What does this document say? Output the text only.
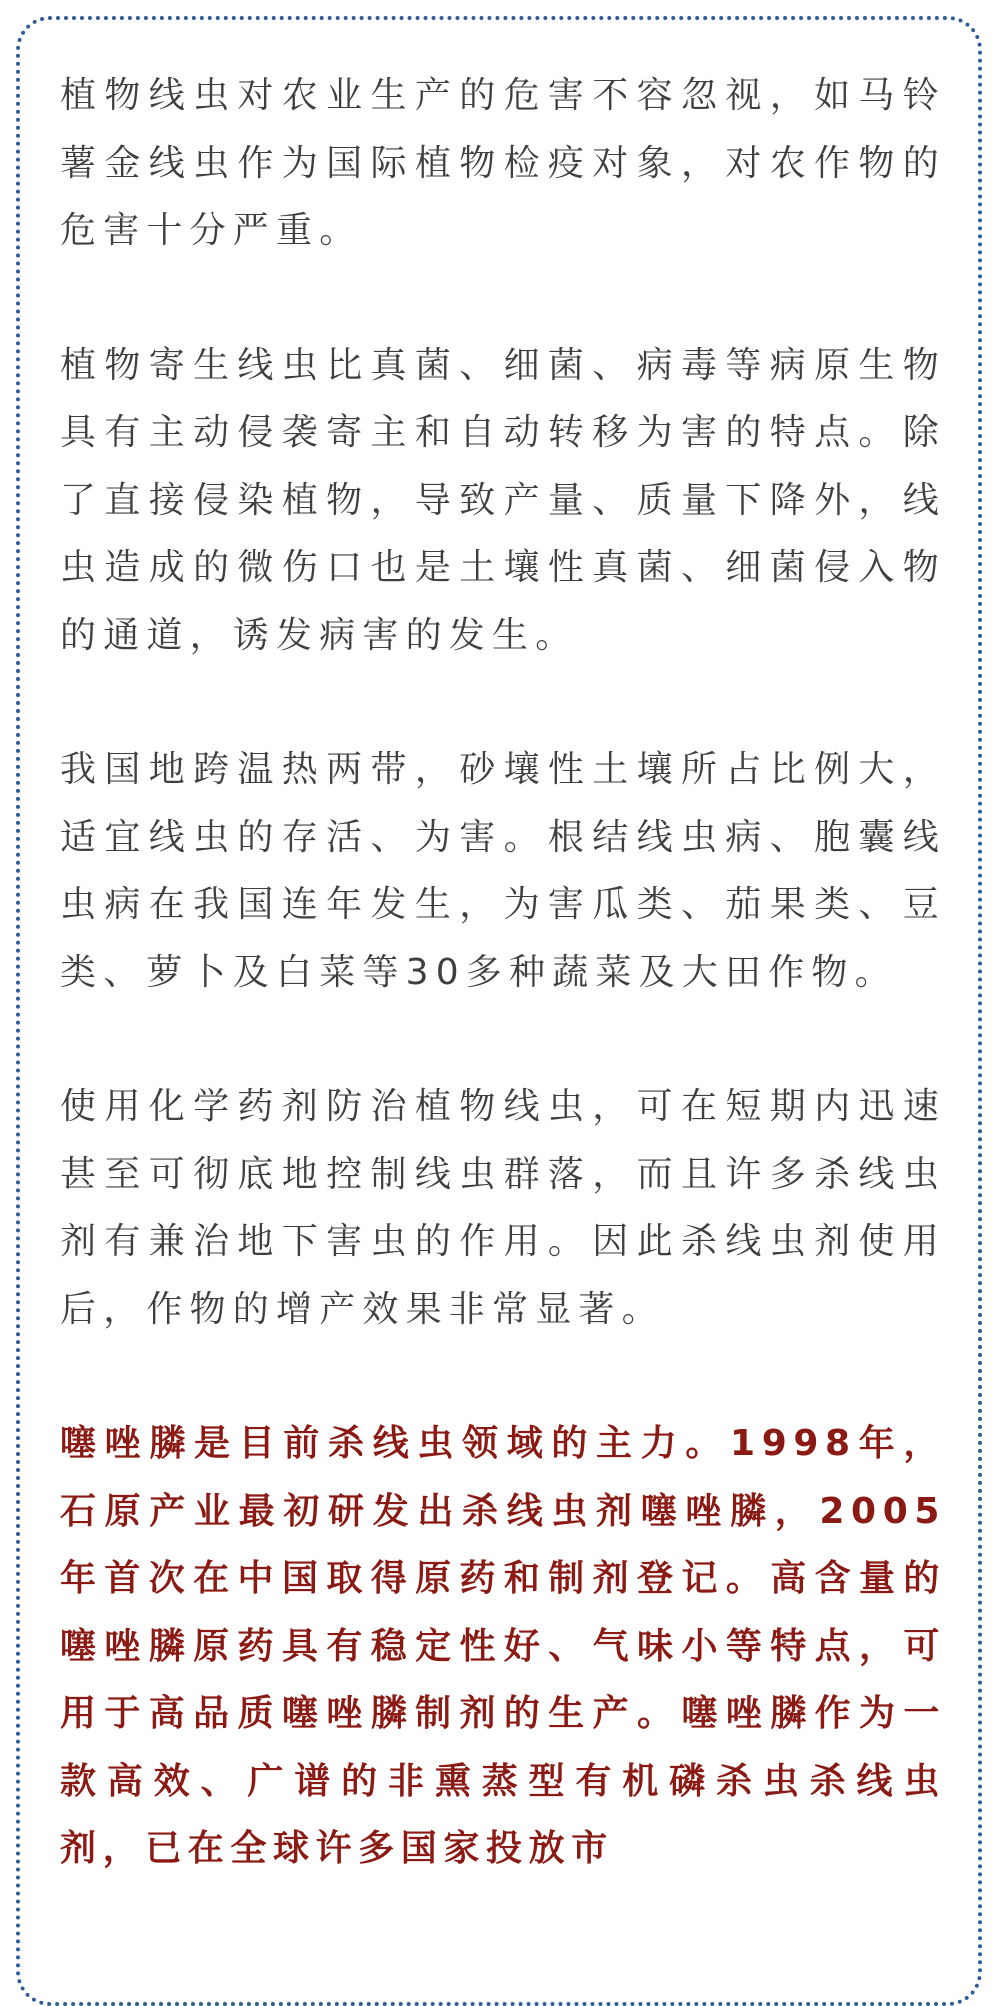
植物线虫对农业生产的危害不容忽视，如马铃薯金线虫作为国际植物检疫对象，对农作物的危害十分严重。

植物寄生线虫比真菌、细菌、病毒等病原生物具有主动侵袭寄主和自动转移为害的特点。除了直接侵染植物，导致产量、质量下降外，线虫造成的微伤口也是土壤性真菌、细菌侵入物的通道，诱发病害的发生。

我国地跨温热两带，砂壤性土壤所占比例大，适宜线虫的存活、为害。根结线虫病、胞囊线虫病在我国连年发生，为害瓜类、茄果类、豆类、萝卜及白菜等30多种蔬菜及大田作物。

使用化学药剂防治植物线虫，可在短期内迅速甚至可彻底地控制线虫群落，而且许多杀线虫剂有兼治地下害虫的作用。因此杀线虫剂使用后，作物的增产效果非常显著。

噻唑膦是目前杀线虫领域的主力。1998年，石原产业最初研发出杀线虫剂噻唑膦，2005年首次在中国取得原药和制剂登记。高含量的噻唑膦原药具有稳定性好、气味小等特点，可用于高品质噻唑膦制剂的生产。噻唑膦作为一款高效、广谱的非熏蒸型有机磷杀虫杀线虫剂，已在全球许多国家投放市
